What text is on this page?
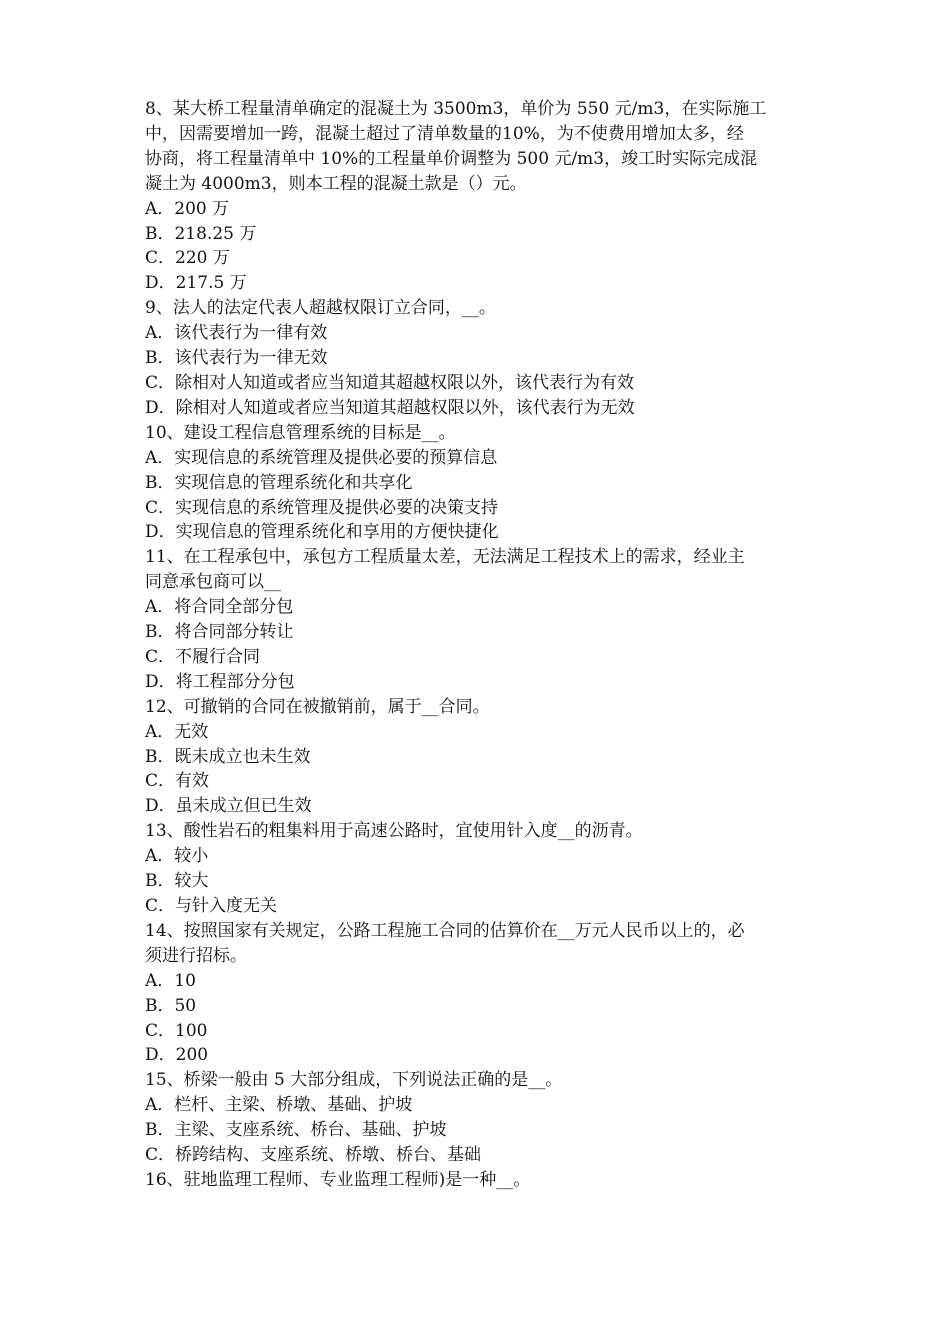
8、某大桥工程量清单确定的混凝土为 3500m3，单价为 550 元/m3，在实际施工
中，因需要增加一跨，混凝土超过了清单数量的10%，为不使费用增加太多，经
协商，将工程量清单中 10%的工程量单价调整为 500 元/m3，竣工时实际完成混
凝土为 4000m3，则本工程的混凝土款是（）元。
A．200 万
B．218.25 万
C．220 万
D．217.5 万
9、法人的法定代表人超越权限订立合同，__。
A．该代表行为一律有效
B．该代表行为一律无效
C．除相对人知道或者应当知道其超越权限以外，该代表行为有效
D．除相对人知道或者应当知道其超越权限以外，该代表行为无效
10、建设工程信息管理系统的目标是__。
A．实现信息的系统管理及提供必要的预算信息
B．实现信息的管理系统化和共享化
C．实现信息的系统管理及提供必要的决策支持
D．实现信息的管理系统化和享用的方便快捷化
11、在工程承包中，承包方工程质量太差，无法满足工程技术上的需求，经业主
同意承包商可以__
A．将合同全部分包
B．将合同部分转让
C．不履行合同
D．将工程部分分包
12、可撤销的合同在被撤销前，属于__合同。
A．无效
B．既未成立也未生效
C．有效
D．虽未成立但已生效
13、酸性岩石的粗集料用于高速公路时，宜使用针入度__的沥青。
A．较小
B．较大
C．与针入度无关
14、按照国家有关规定，公路工程施工合同的估算价在__万元人民币以上的，必
须进行招标。
A．10
B．50
C．100
D．200
15、桥梁一般由 5 大部分组成，下列说法正确的是__。
A．栏杆、主梁、桥墩、基础、护坡
B．主梁、支座系统、桥台、基础、护坡
C．桥跨结构、支座系统、桥墩、桥台、基础
16、驻地监理工程师、专业监理工程师)是一种__。
